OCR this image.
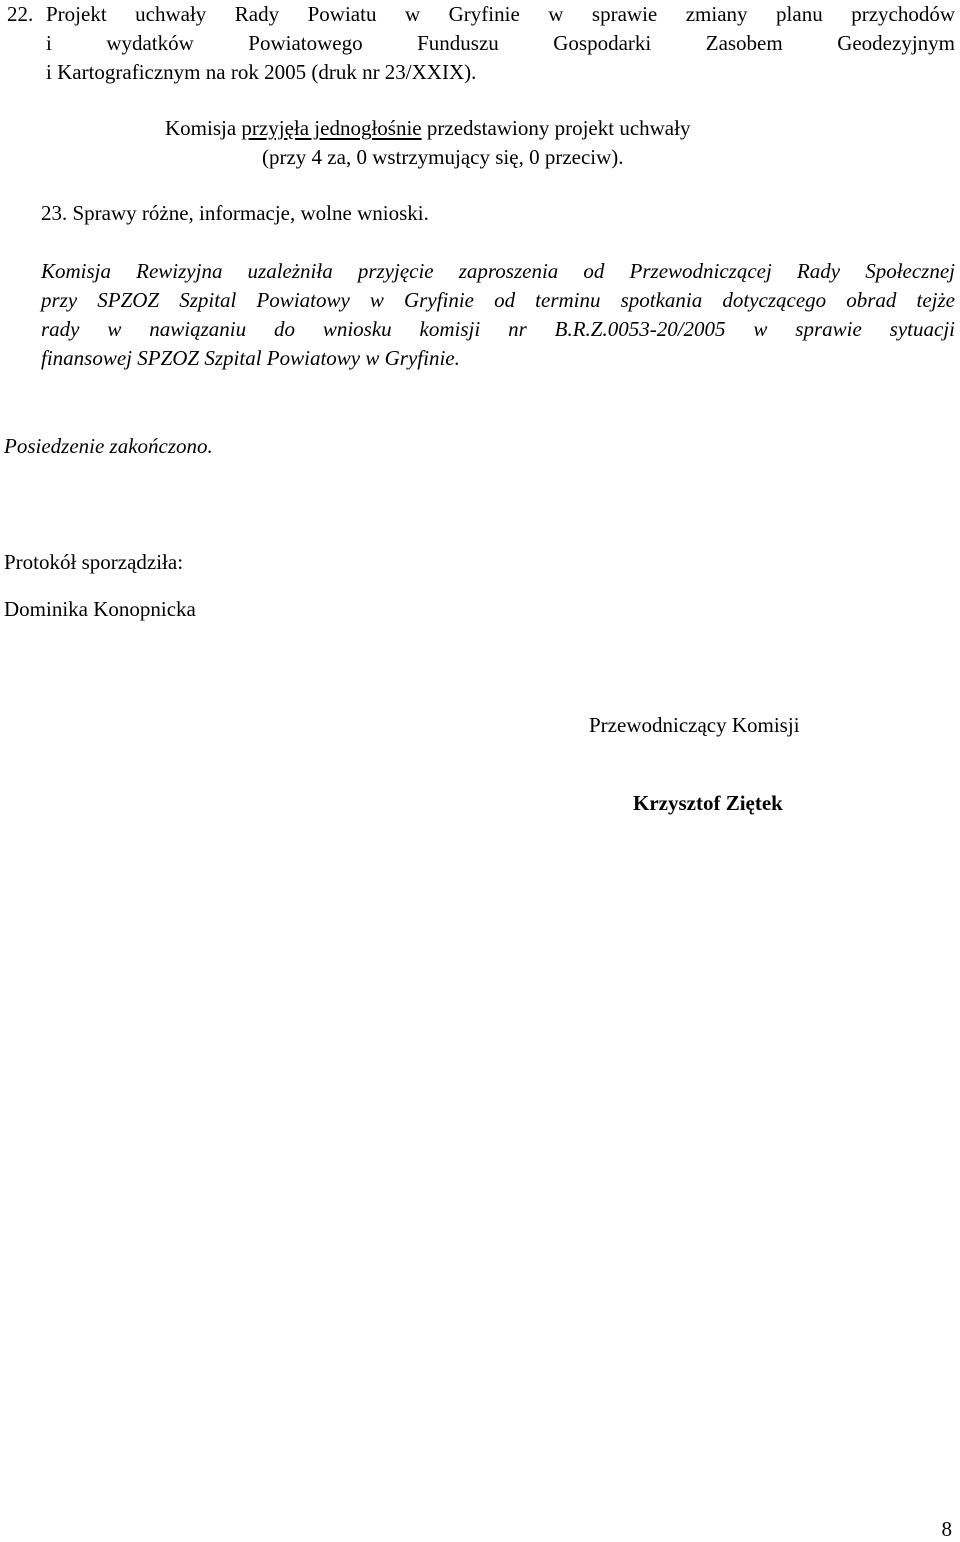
22. Projekt uchwały Rady Powiatu w Gryfinie w sprawie zmiany planu przychodów
i wydatków Powiatowego Funduszu Gospodarki Zasobem Geodezyjnym
i Kartograficznym na rok 2005 (druk nr 23/XXIX).
Komisja przyjęła jednogłośnie przedstawiony projekt uchwały
(przy 4 za, 0 wstrzymujący się, 0 przeciw).
23. Sprawy różne, informacje, wolne wnioski.
Komisja Rewizyjna uzależniła przyjęcie zaproszenia od Przewodniczącej Rady Społecznej
przy SPZOZ Szpital Powiatowy w Gryfinie od terminu spotkania dotyczącego obrad tejże
rady w nawiązaniu do wniosku komisji nr B.R.Z.0053-20/2005 w sprawie sytuacji
finansowej SPZOZ Szpital Powiatowy w Gryfinie.
Posiedzenie zakończono.
Protokół sporządziła:
Dominika Konopnicka
Przewodniczący Komisji
Krzysztof Ziętek
8
